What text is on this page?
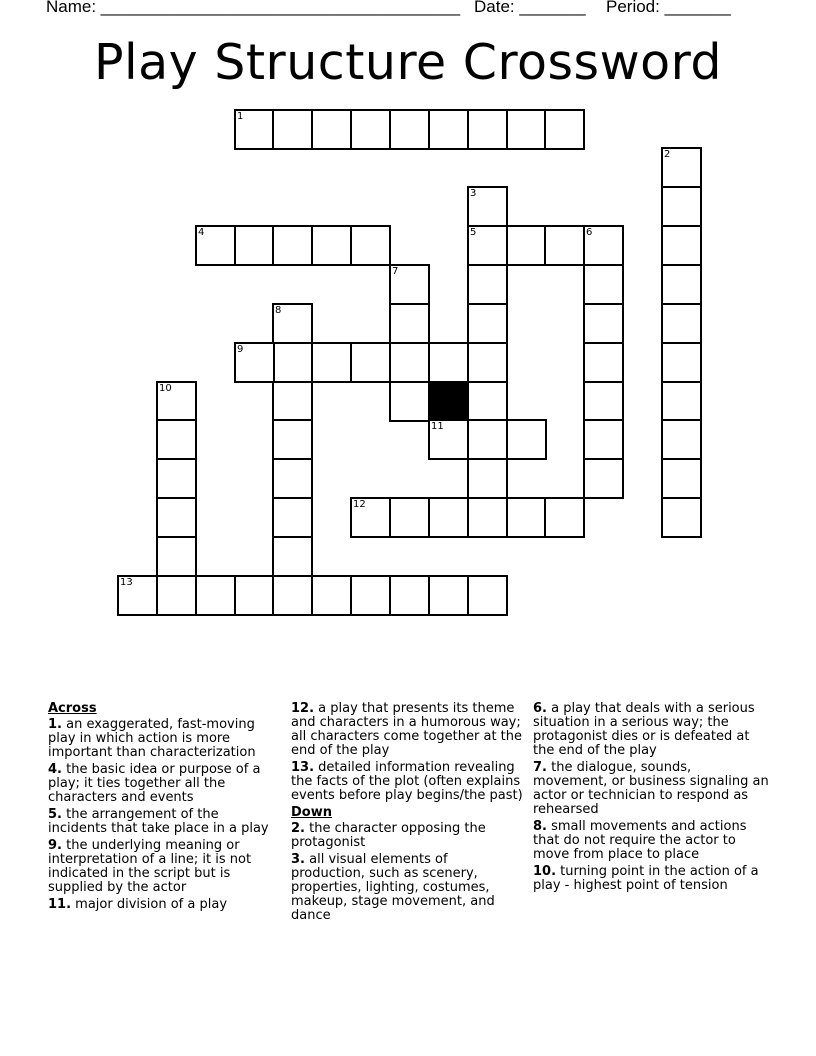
Name: ______________________________________ Date: _______ Period: _______
Play Structure Crossword
1
2
3
5
4	6
7
8
9
10
11
12
13
Across
1. an exaggerated, fast-moving play in which action is more important than characterization
4. the basic idea or purpose of a play; it ties together all the characters and events
5. the arrangement of the incidents that take place in a play
9. the underlying meaning or interpretation of a line; it is not indicated in the script but is supplied by the actor
11. major division of a play
12. a play that presents its theme and characters in a humorous way; all characters come together at the end of the play
13. detailed information revealing the facts of the plot (often explains events before play begins/the past)
Down
2. the character opposing the protagonist
3. all visual elements of production, such as scenery, properties, lighting, costumes, makeup, stage movement, and dance
6. a play that deals with a serious situation in a serious way; the protagonist dies or is defeated at the end of the play
7. the dialogue, sounds, movement, or business signaling an actor or technician to respond as rehearsed
8. small movements and actions that do not require the actor to move from place to place
10. turning point in the action of a play - highest point of tension
